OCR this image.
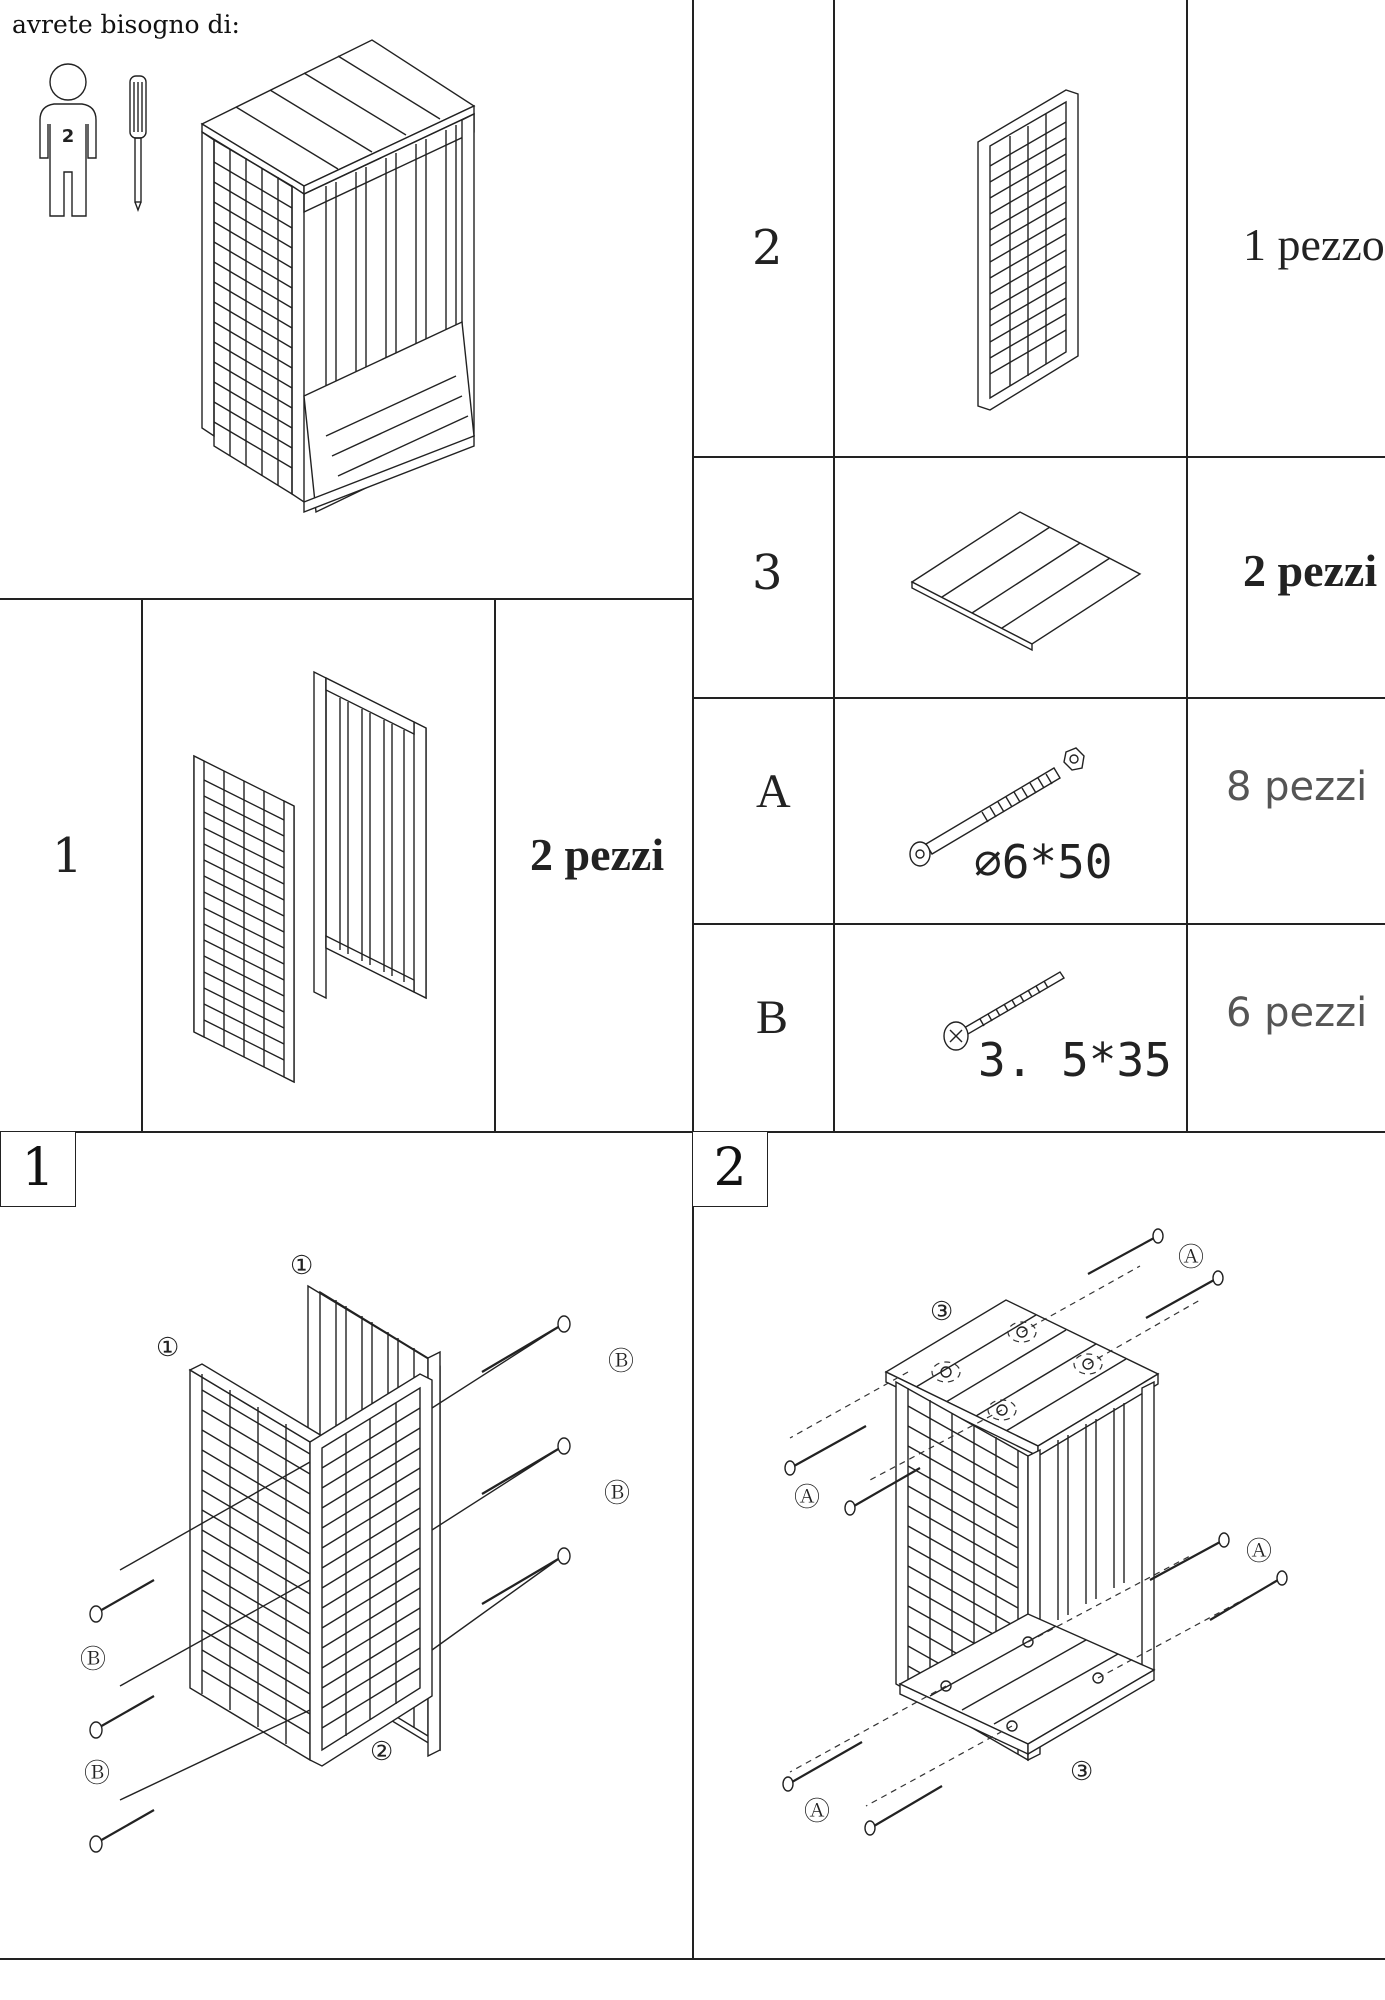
avrete bisogno di:
2
1	2 pezzi
2	1 pezzo
3	2 pezzi
A	8 pezzi
⌀6*50
B	6 pezzi
3. 5*35
1
①
①
②
Ⓑ
Ⓑ
Ⓑ
Ⓑ
2
③
③
Ⓐ
Ⓐ
Ⓐ
Ⓐ
